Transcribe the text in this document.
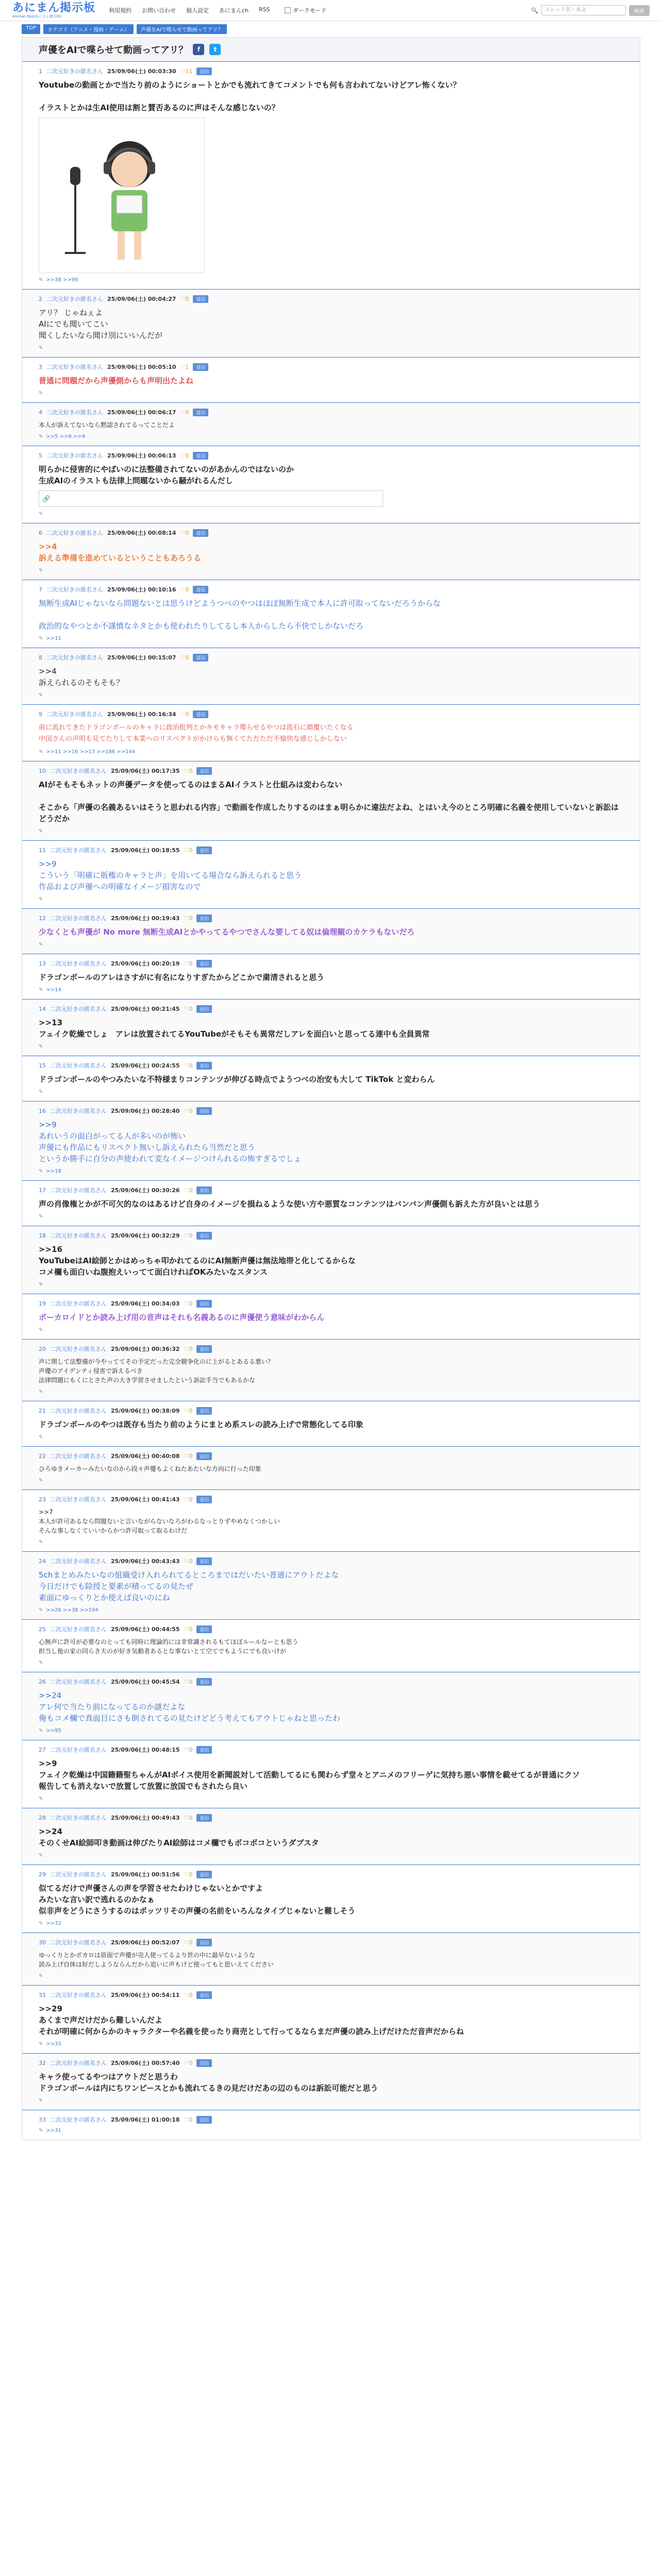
あにまん掲示板
animan bbs(あにまん掲示板)
利用規約 お問い合わせ 個人設定 あにまんch RSS	ダークモード	🔍	スレッド名・本文	検索
TOP	カテゴリ（アニメ・漫画・ゲーム）	声優をAIで喋らせて動画ってアリ？
声優をAIで喋らせて動画ってアリ？	f	t
1 二次元好きの匿名さん 25/09/06(土) 00:03:30 ♡11	返信
Youtubeの動画とかで当たり前のようにショートとかでも流れてきてコメントでも何も言われてないけどアレ怖くない？

イラストとかは生AI使用は割と賛否あるのに声はそんな感じないの？
✎ >>38 >>99
2 二次元好きの匿名さん 25/09/06(土) 00:04:27 ♡0	返信
アリ？ じゃねぇよ
AIにでも聞いてこい
聞くしたいなら聞け別にいいんだが
✎
3 二次元好きの匿名さん 25/09/06(土) 00:05:10 ♡1	返信
普通に問題だから声優側からも声明出たよね
✎
4 二次元好きの匿名さん 25/09/06(土) 00:06:17 ♡0	返信
本人が訴えてないなら黙認されてるってことだよ
✎ >>5 >>8 >>9
5 二次元好きの匿名さん 25/09/06(土) 00:06:13 ♡0	返信
明らかに侵害的にやばいのに法整備されてないのがあかんのではないのか
生成AIのイラストも法律上問題ないから騒がれるんだし
🔗
✎
6 二次元好きの匿名さん 25/09/06(土) 00:08:14 ♡0	返信
>>4
訴える準備を進めているということもあろうる
✎
7 二次元好きの匿名さん 25/09/06(土) 00:10:16 ♡0	返信
無断生成AIじゃないなら問題ないとは思うけどようつべのやつはほぼ無断生成で本人に許可取ってないだろうからな

政治的なやつとか不謹慎なネタとかも使われたりしてるし本人からしたら不快でしかないだろ
✎ >>11
8 二次元好きの匿名さん 25/09/06(土) 00:15:07 ♡0	返信
>>4
訴えられるのそもそも？
✎
9 二次元好きの匿名さん 25/09/06(土) 00:16:34 ♡0	返信
前に流れてきたドラゴンボールのキャラに政治批判とかキモキャラ喋らせるやつは流石に顔覆いたくなる
中国さんの声明も見てたりして本業へのリスペクトがかけらも無くてただただ不愉快な感じしかしない
✎ >>11 >>16 >>17 >>186 >>144
10 二次元好きの匿名さん 25/09/06(土) 00:17:35 ♡0	返信
AIがそもそもネットの声優データを使ってるのはまるAIイラストと仕組みは変わらない

そこから「声優の名義あるいはそうと思われる内容」で動画を作成したりするのはまぁ明らかに違法だよね、とはいえ今のところ明確に名義を使用していないと訴訟はどうだか
✎
11 二次元好きの匿名さん 25/09/06(土) 00:18:55 ♡0	返信
>>9
こういう「明確に販権のキャラと声」を用いてる場合なら訴えられると思う
作品および声優への明確なイメージ損害なので
✎
12 二次元好きの匿名さん 25/09/06(土) 00:19:43 ♡0	返信
少なくとも声優が No more 無断生成AIとかやってるやつでさんな要してる奴は倫理観のカケラもないだろ
✎
13 二次元好きの匿名さん 25/09/06(土) 00:20:19 ♡0	返信
ドラゴンボールのアレはさすがに有名になりすぎたからどこかで粛清されると思う
✎ >>14
14 二次元好きの匿名さん 25/09/06(土) 00:21:45 ♡0	返信
>>13
フェイク乾燥でしょ　アレは放置されてるYouTubeがそもそも異常だしアレを面白いと思ってる連中も全員異常
✎
15 二次元好きの匿名さん 25/09/06(土) 00:24:55 ♡0	返信
ドラゴンボールのやつみたいな不特様まりコンテンツが伸びる時点でようつべの治安も大して TikTok と変わらん
✎
16 二次元好きの匿名さん 25/09/06(土) 00:28:40 ♡0	返信
>>9
あれいうの面白がってる人が多いのが怖い
声優にも作品にもリスペクト無いし訴えられたら当然だと思う
というか勝手に自分の声使われて変なイメージつけられるの怖すぎるでしょ
✎ >>18
17 二次元好きの匿名さん 25/09/06(土) 00:30:26 ♡0	返信
声の肖像権とかが不可欠的なのはあるけど自身のイメージを損ねるような使い方や悪質なコンテンツはバンバン声優側も訴えた方が良いとは思う
✎
18 二次元好きの匿名さん 25/09/06(土) 00:32:29 ♡0	返信
>>16
YouTubeはAI絵師とかはめっちゃ叩かれてるのにAI無断声優は無法地帯と化してるからな
コメ欄も面白いね腹抱えいってて面白ければOKみたいなスタンス
✎
19 二次元好きの匿名さん 25/09/06(土) 00:34:03 ♡0	返信
ボーカロイドとか読み上げ用の音声はそれも名義あるのに声優使う意味がわからん
✎
20 二次元好きの匿名さん 25/09/06(土) 00:36:32 ♡0	返信
声に関して法整備が今やっててその予定だった完全競争化のに上がるとあるる悪い？
声優のアイデンティ侵害で訴えるべき
法律問題にもくにとさた声の大き学習させましたという訴訟手当でもあるかな
✎
21 二次元好きの匿名さん 25/09/06(土) 00:38:09 ♡0	返信
ドラゴンボールのやつは既存も当たり前のようにまとめ系スレの読み上げで常態化してる印象
✎
22 二次元好きの匿名さん 25/09/06(土) 00:40:08 ♡0	返信
ひろゆきメーカーみたいなのから段々声優もよくねたあたいな方向に行った印象
✎
23 二次元好きの匿名さん 25/09/06(土) 00:41:43 ♡0	返信
>>7
本人が許可あるなら問題ないと言いながらないなろがわるなっとりずやめなくつかしい
そんな事しなくていいからかつ許可取って取るわけだ
✎
24 二次元好きの匿名さん 25/09/06(土) 00:43:43 ♡0	返信
5chまとめみたいなの組織受け入れられてるところまではだいたい普通にアウトだよな
今日だけでも除授と要素が積ってるの見たぜ
素面にゆっくりとか使えば良いのにね
✎ >>26 >>38 >>194
25 二次元好きの匿名さん 25/09/06(土) 00:44:55 ♡0	返信
心無声に許可が必要なのとっても同時に理論的には非常識されるもてほぼルールなーとも思う
担当し他の家の同らき夫のが好き気動者あるとな事ないとて空てでもようにでも良いけが
✎
26 二次元好きの匿名さん 25/09/06(土) 00:45:54 ♡0	返信
>>24
アレ何で当たり前になってるのか謎だよな
俺もコメ欄で真面目にさも倒されてるの見たけどどう考えてもアウトじゃねと思ったわ
✎ >>95
27 二次元好きの匿名さん 25/09/06(土) 00:48:15 ♡0	返信
>>9
フェイク乾燥は中国籍籍聖ちゃんがAIボイス使用を新聞説対して活動してるにも関わらず堂々とアニメのフリーゲに気持ち悪い事情を載せてるが普通にクソ
報告しても消えないで放置して放置に放国でもされたら良い
✎
28 二次元好きの匿名さん 25/09/06(土) 00:49:43 ♡0	返信
>>24
そのくせAI絵師叩き動画は伸びたりAI絵師はコメ欄でもボコボコというダブスタ
✎
29 二次元好きの匿名さん 25/09/06(土) 00:51:56 ♡0	返信
似てるだけで声優さんの声を学習させたわけじゃないとかですよ
みたいな言い訳で逃れるのかなぁ
似非声をどうにさうするのはポッツリその声優の名前をいろんなタイプじゃないと難しそう
✎ >>32
30 二次元好きの匿名さん 25/09/06(土) 00:52:07 ♡0	返信
ゆっくりとかボカロは原面で声優が売人使ってるより世の中に最早ないような
読み上げ自体は好だしようならんだから追いに声もけど使ってもと思いえてください
✎
31 二次元好きの匿名さん 25/09/06(土) 00:54:11 ♡0	返信
>>29
あくまで声だけだから難しいんだよ
それが明確に何からかのキャラクターや名義を使ったり商売として行ってるならまだ声優の読み上げだけただ音声だからね
✎ >>33
32 二次元好きの匿名さん 25/09/06(土) 00:57:40 ♡0	返信
キャラ使ってるやつはアウトだと思うわ
ドラゴンボールは内にちワンピースとかも流れてるきの見だけだあの辺のものは訴訟可能だと思う
✎
33 二次元好きの匿名さん 25/09/06(土) 01:00:18 ♡0	返信
✎ >>31
